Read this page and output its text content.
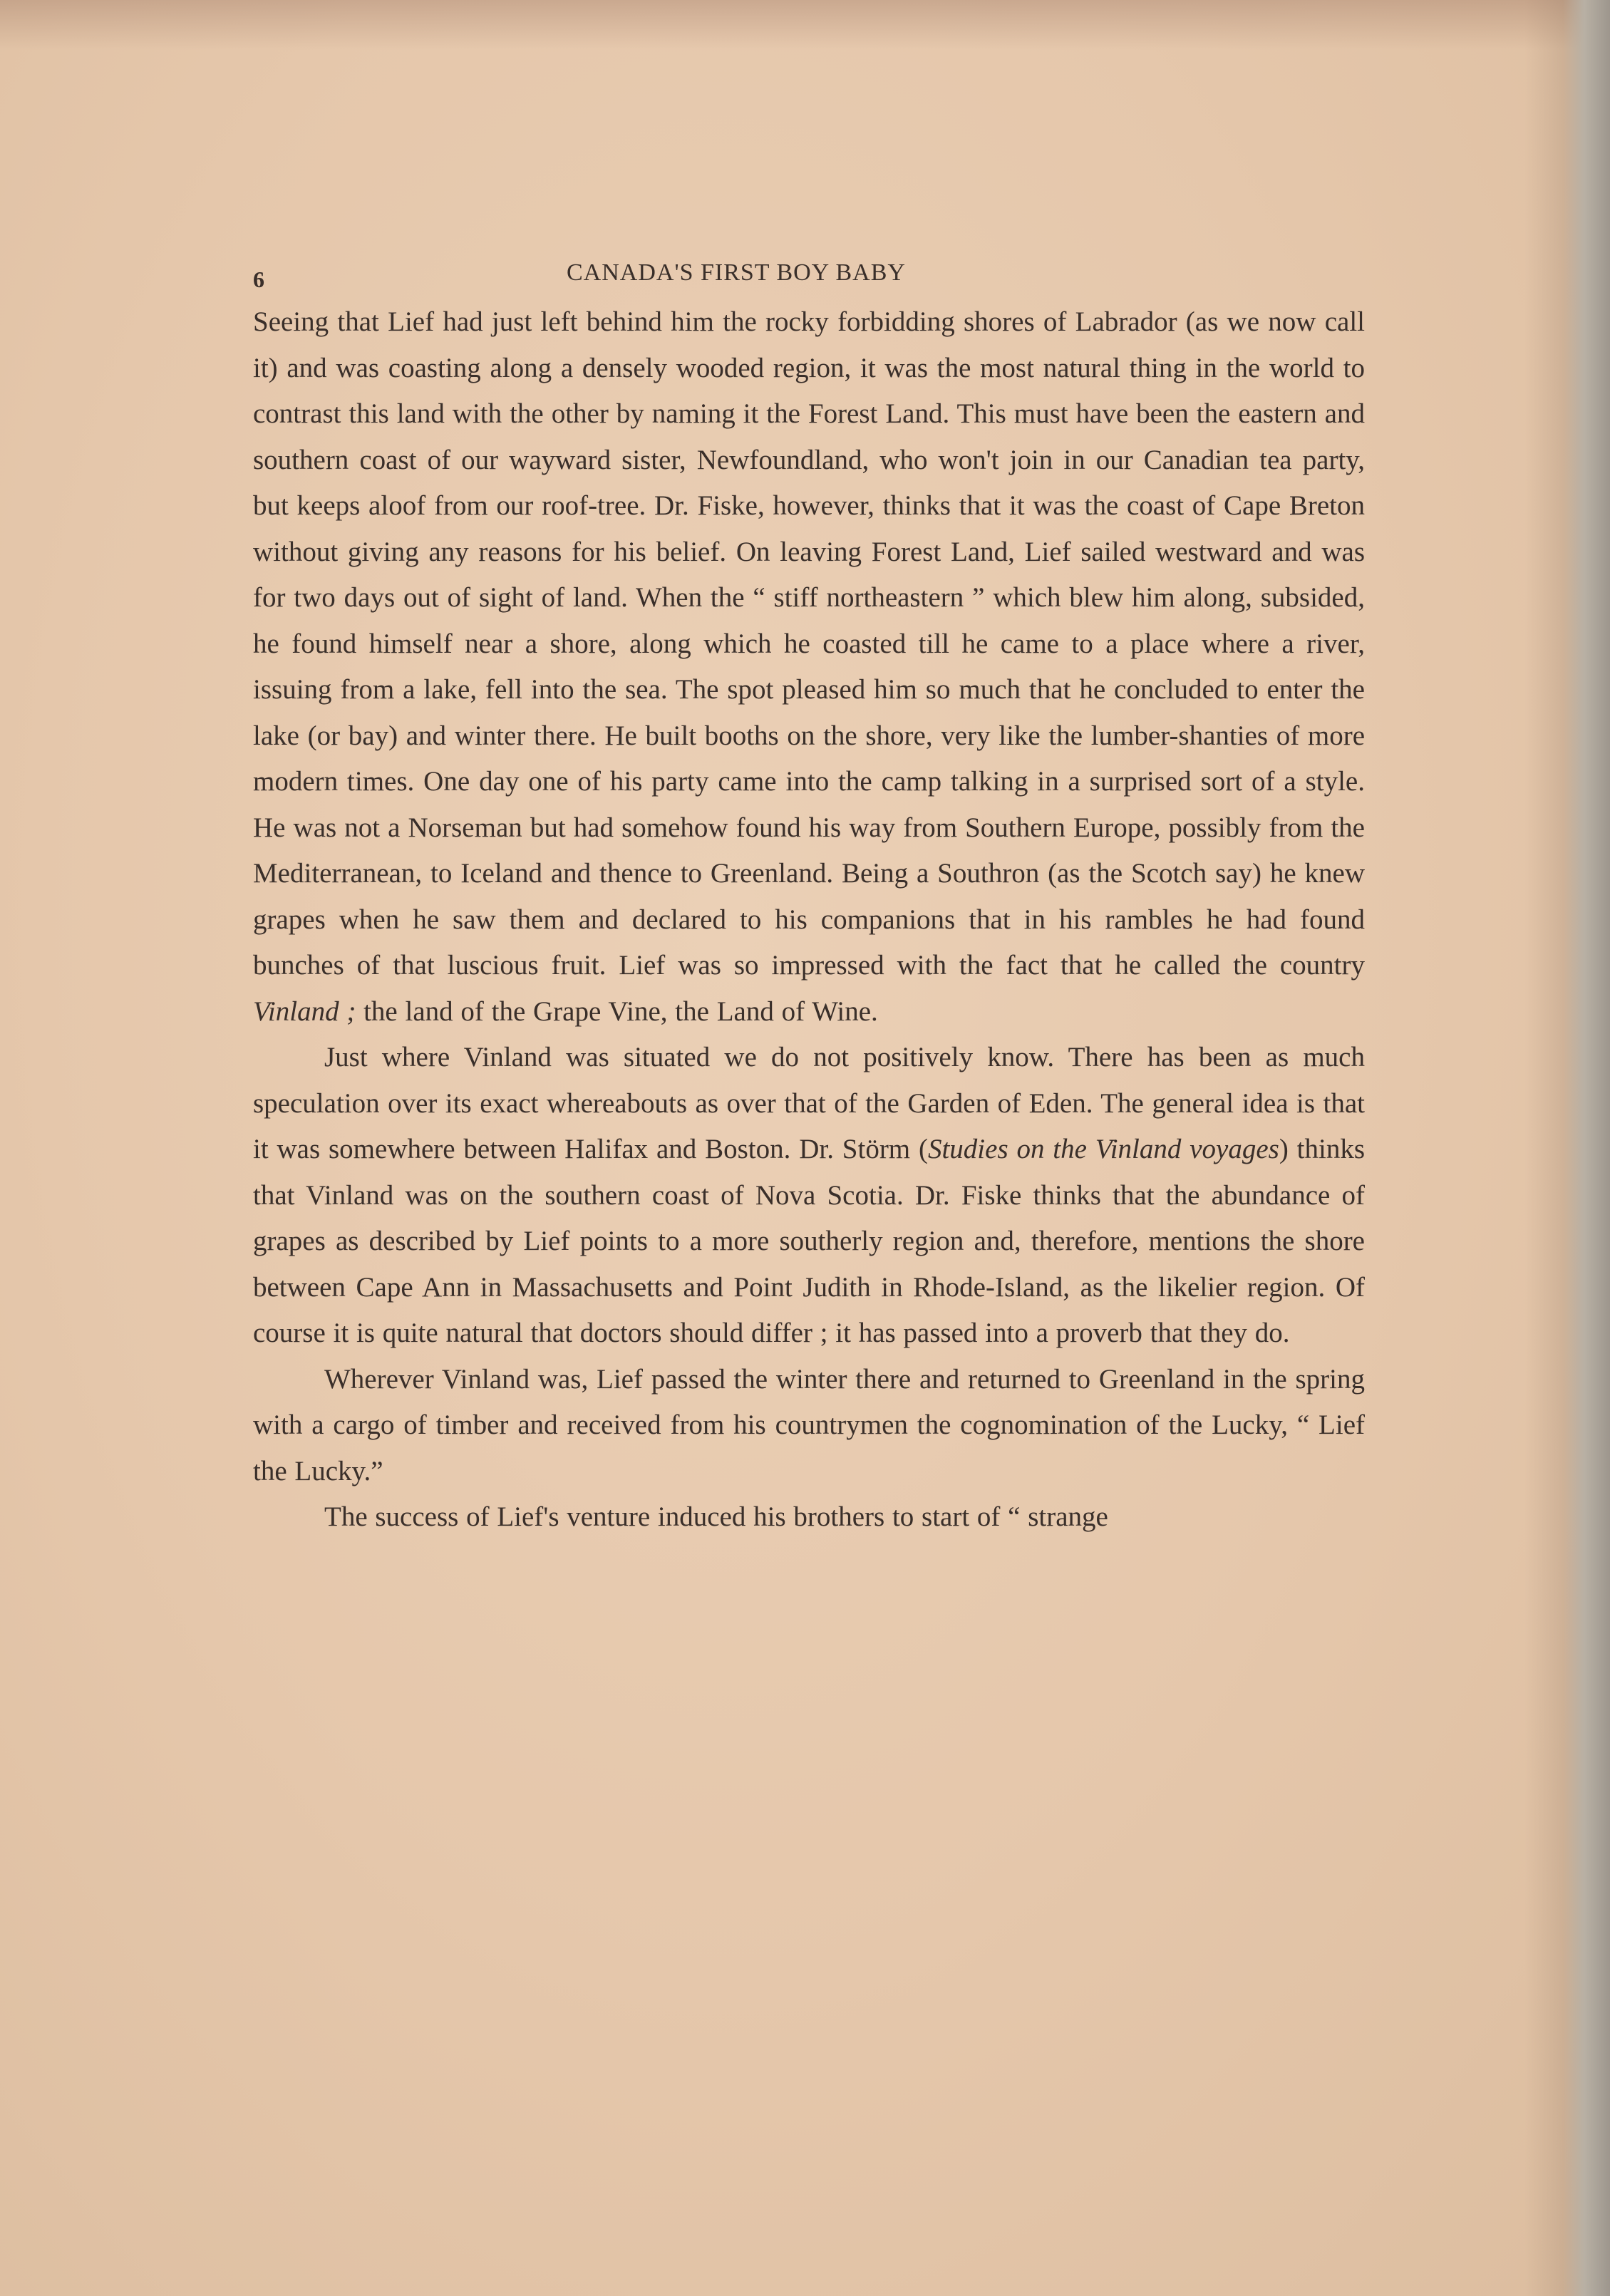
6	CANADA'S FIRST BOY BABY

Seeing that Lief had just left behind him the rocky forbidding shores of Labrador (as we now call it) and was coasting along a densely wooded region, it was the most natural thing in the world to contrast this land with the other by naming it the Forest Land. This must have been the eastern and southern coast of our wayward sister, Newfoundland, who won't join in our Canadian tea party, but keeps aloof from our roof-tree. Dr. Fiske, however, thinks that it was the coast of Cape Breton without giving any reasons for his belief. On leaving Forest Land, Lief sailed westward and was for two days out of sight of land. When the “ stiff northeastern ” which blew him along, subsided, he found himself near a shore, along which he coasted till he came to a place where a river, issuing from a lake, fell into the sea. The spot pleased him so much that he concluded to enter the lake (or bay) and winter there. He built booths on the shore, very like the lumber-shanties of more modern times. One day one of his party came into the camp talking in a surprised sort of a style. He was not a Norseman but had somehow found his way from Southern Europe, possibly from the Mediterranean, to Iceland and thence to Greenland. Being a Southron (as the Scotch say) he knew grapes when he saw them and declared to his companions that in his rambles he had found bunches of that luscious fruit. Lief was so impressed with the fact that he called the country Vinland ; the land of the Grape Vine, the Land of Wine.

Just where Vinland was situated we do not positively know. There has been as much speculation over its exact whereabouts as over that of the Garden of Eden. The general idea is that it was somewhere between Halifax and Boston. Dr. Störm (Studies on the Vinland voyages) thinks that Vinland was on the southern coast of Nova Scotia. Dr. Fiske thinks that the abundance of grapes as described by Lief points to a more southerly region and, therefore, mentions the shore between Cape Ann in Massachusetts and Point Judith in Rhode-Island, as the likelier region. Of course it is quite natural that doctors should differ ; it has passed into a proverb that they do.

Wherever Vinland was, Lief passed the winter there and returned to Greenland in the spring with a cargo of timber and received from his countrymen the cognomination of the Lucky, “ Lief the Lucky.”

The success of Lief's venture induced his brothers to start of “ strange
